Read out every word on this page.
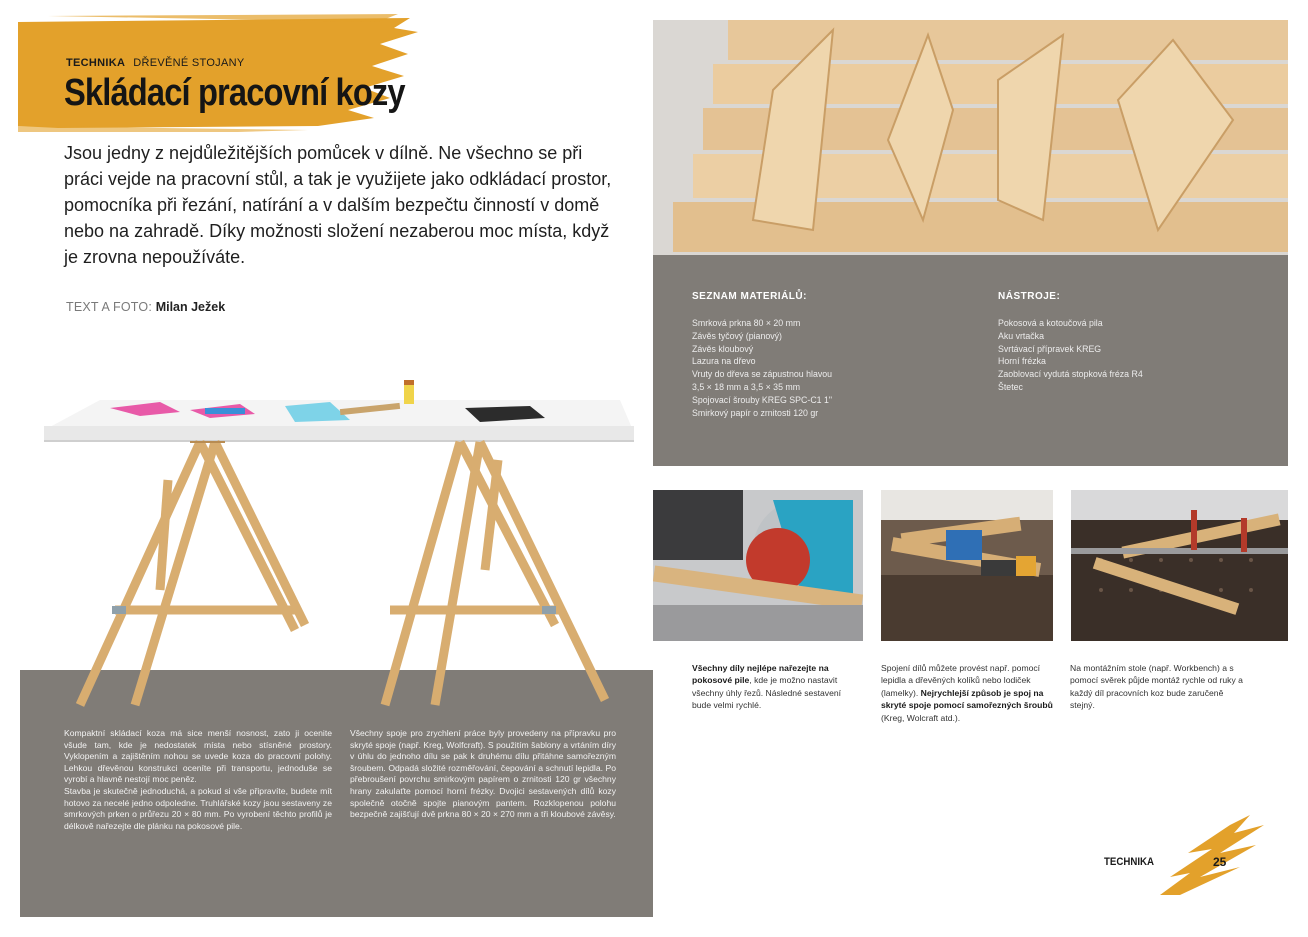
TECHNIKA DŘEVĚNÉ STOJANY
Skládací pracovní kozy
Jsou jedny z nejdůležitějších pomůcek v dílně. Ne všechno se při práci vejde na pracovní stůl, a tak je využijete jako odkládací prostor, pomocníka při řezání, natírání a v dalším bezpečtu činností v domě nebo na zahradě. Díky možnosti složení nezaberou moc místa, když je zrovna nepoužíváte.
TEXT A FOTO: Milan Ježek

Kompaktní skládací koza má sice menší nosnost, zato ji ocenite všude tam, kde je nedostatek místa nebo stísněné prostory. Vyklopením a zajištěním nohou se uvede koza do pracovní polohy. Lehkou dřevěnou konstrukci oceníte při transportu, jednoduše se vyrobí a hlavně nestojí moc peněz.

Stavba je skutečně jednoduchá, a pokud si vše připravíte, budete mít hotovo za necelé jedno odpoledne. Truhlářské kozy jsou sestaveny ze smrkových prken o průřezu 20 × 80 mm. Po vyrobení těchto profilů je délkově nařezejte dle plánku na pokosové pile.

Všechny spoje pro zrychlení práce byly provedeny na přípravku pro skryté spoje (např. Kreg, Wolfcraft). S použitím šablony a vrtáním díry v úhlu do jednoho dílu se pak k druhému dílu přitáhne samořezným šroubem. Odpadá složité rozměřování, čepování a schnutí lepidla. Po přebroušení povrchu smirkovým papírem o zrnitosti 120 gr všechny hrany zakulaťte pomocí horní frézky. Dvojici sestavených dílů kozy společně otočně spojte pianovým pantem. Rozklopenou polohu bezpečně zajišťují dvě prkna 80 × 20 × 270 mm a tři kloubové závěsy.

SEZNAM MATERIÁLŮ:
Smrková prkna 80 × 20 mm
Závěs tyčový (pianový)
Závěs kloubový
Lazura na dřevo
Vruty do dřeva se zápustnou hlavou
3,5 × 18 mm a 3,5 × 35 mm
Spojovací šrouby KREG SPC-C1 1"
Smirkový papír o zrnitosti 120 gr
NÁSTROJE:
Pokosová a kotoučová pila
Aku vrtačka
Svrtávací přípravek KREG
Horní frézka
Zaoblovací vydutá stopková fréza R4
Štetec
Všechny díly nejlépe nařezejte na pokosové pile, kde je možno nastavit všechny úhly řezů. Následné sestavení bude velmi rychlé.
Spojení dílů můžete provést např. pomocí lepidla a dřevěných kolíků nebo lodiček (lamelky). Nejrychlejší způsob je spoj na skryté spoje pomocí samořezných šroubů (Kreg, Wolcraft atd.).
Na montážním stole (např. Workbench) a s pomocí svěrek půjde montáž rychle od ruky a každý díl pracovních koz bude zaručeně stejný.
TECHNIKA	25
